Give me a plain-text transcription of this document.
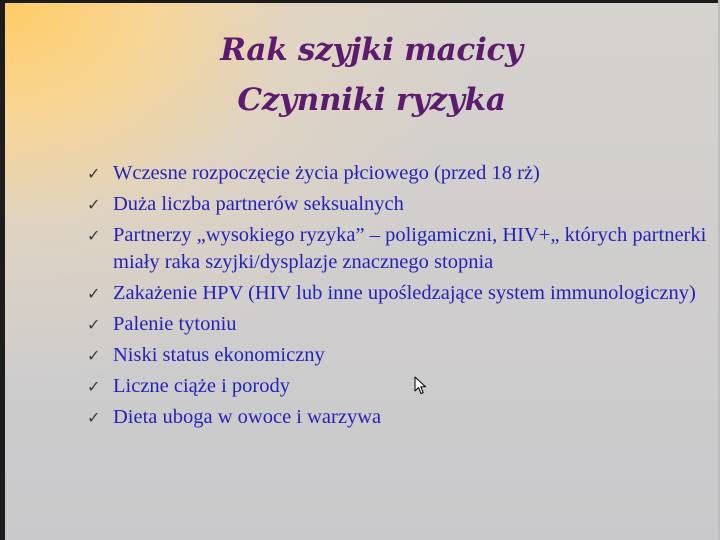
Rak szyjki macicy
Czynniki ryzyka
✓ Wczesne rozpoczęcie życia płciowego (przed 18 rż)
✓ Duża liczba partnerów seksualnych
✓ Partnerzy „wysokiego ryzyka” – poligamiczni, HIV+„ których partnerki miały raka szyjki/dysplazje znacznego stopnia
✓ Zakażenie HPV (HIV lub inne upośledzające system immunologiczny)
✓ Palenie tytoniu
✓ Niski status ekonomiczny
✓ Liczne ciąże i porody
✓ Dieta uboga w owoce i warzywa
